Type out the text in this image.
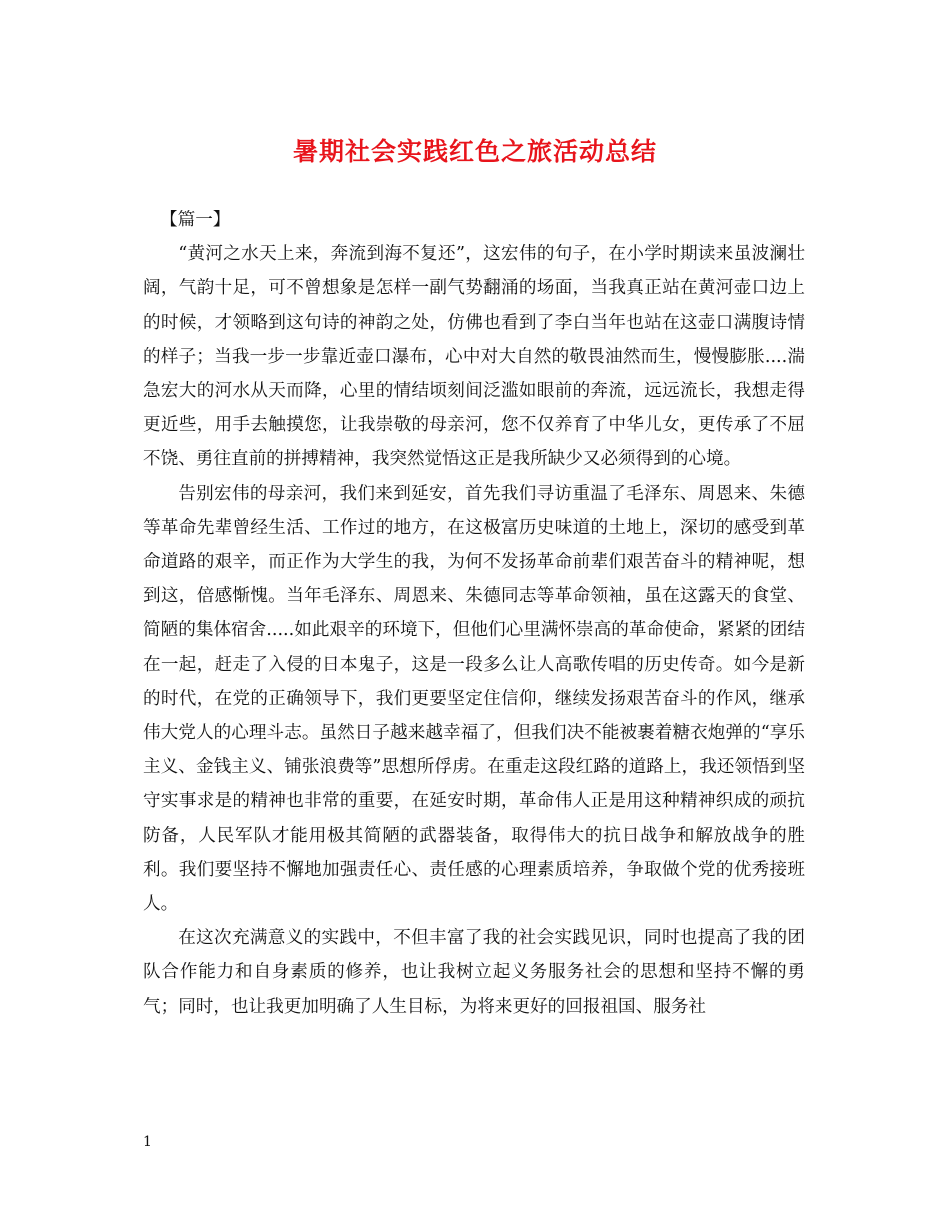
暑期社会实践红色之旅活动总结
【篇一】

“黄河之水天上来，奔流到海不复还”，这宏伟的句子，在小学时期读来虽波澜壮阔，气韵十足，可不曾想象是怎样一副气势翻涌的场面，当我真正站在黄河壶口边上的时候，才领略到这句诗的神韵之处，仿佛也看到了李白当年也站在这壶口满腹诗情的样子；当我一步一步靠近壶口瀑布，心中对大自然的敬畏油然而生，慢慢膨胀....湍急宏大的河水从天而降，心里的情结顷刻间泛滥如眼前的奔流，远远流长，我想走得更近些，用手去触摸您，让我崇敬的母亲河，您不仅养育了中华儿女，更传承了不屈不饶、勇往直前的拼搏精神，我突然觉悟这正是我所缺少又必须得到的心境。

告别宏伟的母亲河，我们来到延安，首先我们寻访重温了毛泽东、周恩来、朱德等革命先辈曾经生活、工作过的地方，在这极富历史味道的土地上，深切的感受到革命道路的艰辛，而正作为大学生的我，为何不发扬革命前辈们艰苦奋斗的精神呢，想到这，倍感惭愧。当年毛泽东、周恩来、朱德同志等革命领袖，虽在这露天的食堂、简陋的集体宿舍.....如此艰辛的环境下，但他们心里满怀崇高的革命使命，紧紧的团结在一起，赶走了入侵的日本鬼子，这是一段多么让人高歌传唱的历史传奇。如今是新的时代，在党的正确领导下，我们更要坚定住信仰，继续发扬艰苦奋斗的作风，继承伟大党人的心理斗志。虽然日子越来越幸福了，但我们决不能被裹着糖衣炮弹的“享乐主义、金钱主义、铺张浪费等”思想所俘虏。在重走这段红路的道路上，我还领悟到坚守实事求是的精神也非常的重要，在延安时期，革命伟人正是用这种精神织成的顽抗防备，人民军队才能用极其简陋的武器装备，取得伟大的抗日战争和解放战争的胜利。我们要坚持不懈地加强责任心、责任感的心理素质培养，争取做个党的优秀接班人。

在这次充满意义的实践中，不但丰富了我的社会实践见识，同时也提高了我的团队合作能力和自身素质的修养，也让我树立起义务服务社会的思想和坚持不懈的勇气；同时，也让我更加明确了人生目标，为将来更好的回报祖国、服务社

1
